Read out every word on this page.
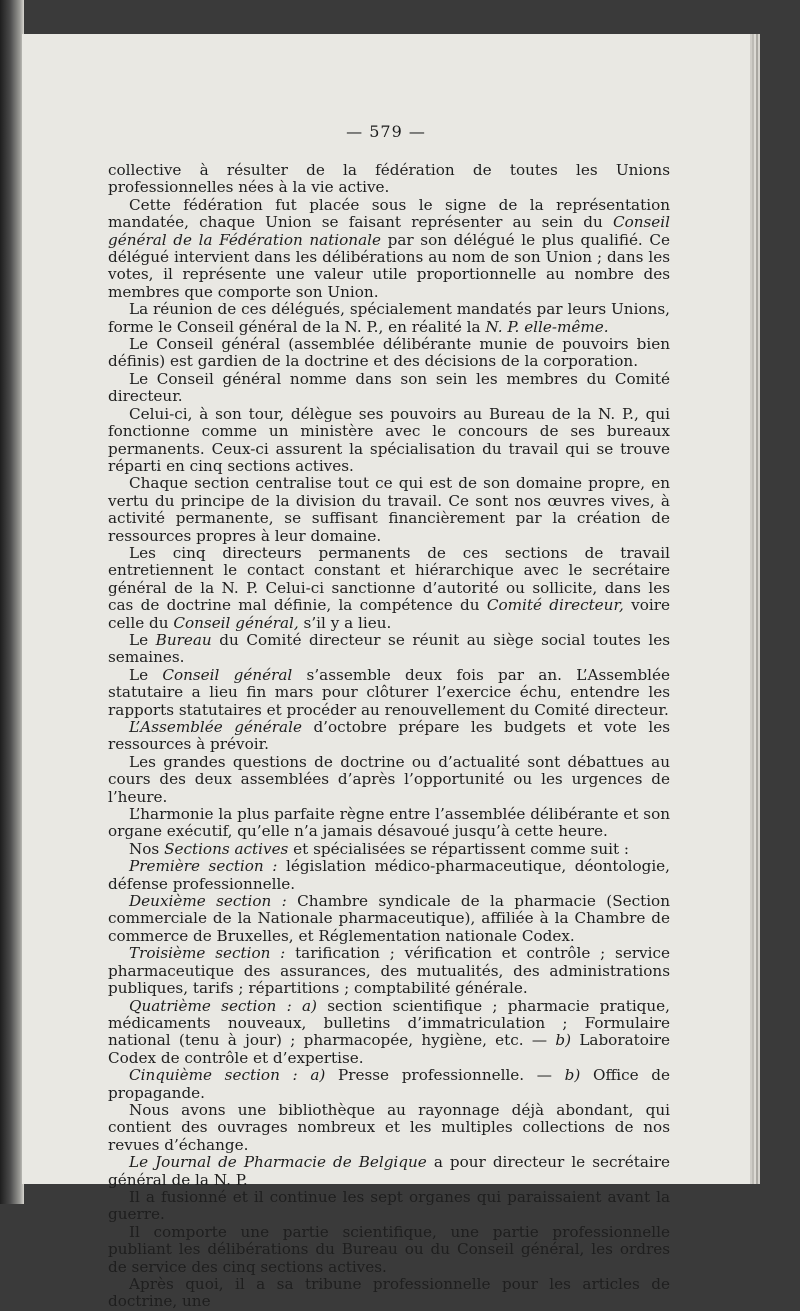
— 579 —

collective à résulter de la fédération de toutes les Unions professionnelles nées à la vie active.

Cette fédération fut placée sous le signe de la représentation mandatée, chaque Union se faisant représenter au sein du Conseil général de la Fédération nationale par son délégué le plus qualifié. Ce délégué intervient dans les délibérations au nom de son Union ; dans les votes, il représente une valeur utile proportionnelle au nombre des membres que comporte son Union.

La réunion de ces délégués, spécialement mandatés par leurs Unions, forme le Conseil général de la N. P., en réalité la N. P. elle-même.

Le Conseil général (assemblée délibérante munie de pouvoirs bien définis) est gardien de la doctrine et des décisions de la corporation.

Le Conseil général nomme dans son sein les membres du Comité directeur.

Celui-ci, à son tour, délègue ses pouvoirs au Bureau de la N. P., qui fonctionne comme un ministère avec le concours de ses bureaux permanents. Ceux-ci assurent la spécialisation du travail qui se trouve réparti en cinq sections actives.

Chaque section centralise tout ce qui est de son domaine propre, en vertu du principe de la division du travail. Ce sont nos œuvres vives, à activité permanente, se suffisant financièrement par la création de ressources propres à leur domaine.

Les cinq directeurs permanents de ces sections de travail entretiennent le contact constant et hiérarchique avec le secrétaire général de la N. P. Celui-ci sanctionne d’autorité ou sollicite, dans les cas de doctrine mal définie, la compétence du Comité directeur, voire celle du Conseil général, s’il y a lieu.

Le Bureau du Comité directeur se réunit au siège social toutes les semaines.

Le Conseil général s’assemble deux fois par an. L’Assemblée statutaire a lieu fin mars pour clôturer l’exercice échu, entendre les rapports statutaires et procéder au renouvellement du Comité directeur.

L’Assemblée générale d’octobre prépare les budgets et vote les ressources à prévoir.

Les grandes questions de doctrine ou d’actualité sont débattues au cours des deux assemblées d’après l’opportunité ou les urgences de l’heure.

L’harmonie la plus parfaite règne entre l’assemblée délibérante et son organe exécutif, qu’elle n’a jamais désavoué jusqu’à cette heure.

Nos Sections actives et spécialisées se répartissent comme suit :

Première section : législation médico-pharmaceutique, déontologie, défense professionnelle.

Deuxième section : Chambre syndicale de la pharmacie (Section commerciale de la Nationale pharmaceutique), affiliée à la Chambre de commerce de Bruxelles, et Réglementation nationale Codex.

Troisième section : tarification ; vérification et contrôle ; service pharmaceutique des assurances, des mutualités, des administrations publiques, tarifs ; répartitions ; comptabilité générale.

Quatrième section : a) section scientifique ; pharmacie pratique, médicaments nouveaux, bulletins d’immatriculation ; Formulaire national (tenu à jour) ; pharmacopée, hygiène, etc. — b) Laboratoire Codex de contrôle et d’expertise.

Cinquième section : a) Presse professionnelle. — b) Office de propagande.

Nous avons une bibliothèque au rayonnage déjà abondant, qui contient des ouvrages nombreux et les multiples collections de nos revues d’échange.

Le Journal de Pharmacie de Belgique a pour directeur le secrétaire général de la N. P.

Il a fusionné et il continue les sept organes qui paraissaient avant la guerre.

Il comporte une partie scientifique, une partie professionnelle publiant les délibérations du Bureau ou du Conseil général, les ordres de service des cinq sections actives.

Après quoi, il a sa tribune professionnelle pour les articles de doctrine, une
